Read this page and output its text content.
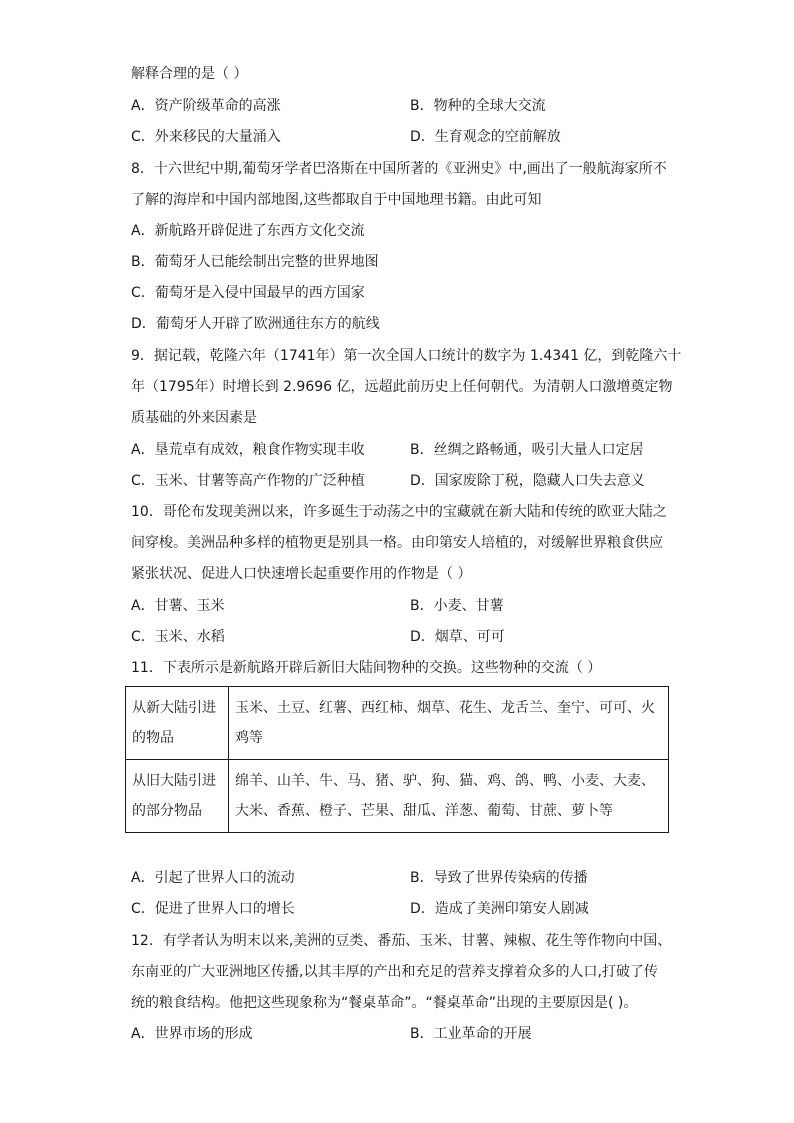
解释合理的是（ ）
A．资产阶级革命的高涨	B．物种的全球大交流
C．外来移民的大量涌入	D．生育观念的空前解放
8．十六世纪中期,葡萄牙学者巴洛斯在中国所著的《亚洲史》中,画出了一般航海家所不
了解的海岸和中国内部地图,这些都取自于中国地理书籍。由此可知
A．新航路开辟促进了东西方文化交流
B．葡萄牙人已能绘制出完整的世界地图
C．葡萄牙是入侵中国最早的西方国家
D．葡萄牙人开辟了欧洲通往东方的航线
9．据记载，乾隆六年（1741年）第一次全国人口统计的数字为 1.4341 亿，到乾隆六十
年（1795年）时增长到 2.9696 亿，远超此前历史上任何朝代。为清朝人口激增奠定物
质基础的外来因素是
A．垦荒卓有成效，粮食作物实现丰收	B．丝绸之路畅通，吸引大量人口定居
C．玉米、甘薯等高产作物的广泛种植	D．国家废除丁税，隐藏人口失去意义
10．哥伦布发现美洲以来，许多诞生于动荡之中的宝藏就在新大陆和传统的欧亚大陆之
间穿梭。美洲品种多样的植物更是别具一格。由印第安人培植的，对缓解世界粮食供应
紧张状况、促进人口快速增长起重要作用的作物是（ ）
A．甘薯、玉米	B．小麦、甘薯
C．玉米、水稻	D．烟草、可可
11．下表所示是新航路开辟后新旧大陆间物种的交换。这些物种的交流（ ）
从新大陆引进
的物品	玉米、土豆、红薯、西红柿、烟草、花生、龙舌兰、奎宁、可可、火
鸡等

从旧大陆引进
的部分物品	绵羊、山羊、牛、马、猪、驴、狗、猫、鸡、鸽、鸭、小麦、大麦、
大米、香蕉、橙子、芒果、甜瓜、洋葱、葡萄、甘蔗、萝卜等
A．引起了世界人口的流动	B．导致了世界传染病的传播
C．促进了世界人口的增长	D．造成了美洲印第安人剧减
12．有学者认为明末以来,美洲的豆类、番茄、玉米、甘薯、辣椒、花生等作物向中国、
东南亚的广大亚洲地区传播,以其丰厚的产出和充足的营养支撑着众多的人口,打破了传
统的粮食结构。他把这些现象称为“餐桌革命”。“餐桌革命”出现的主要原因是( )。
A．世界市场的形成	B．工业革命的开展
